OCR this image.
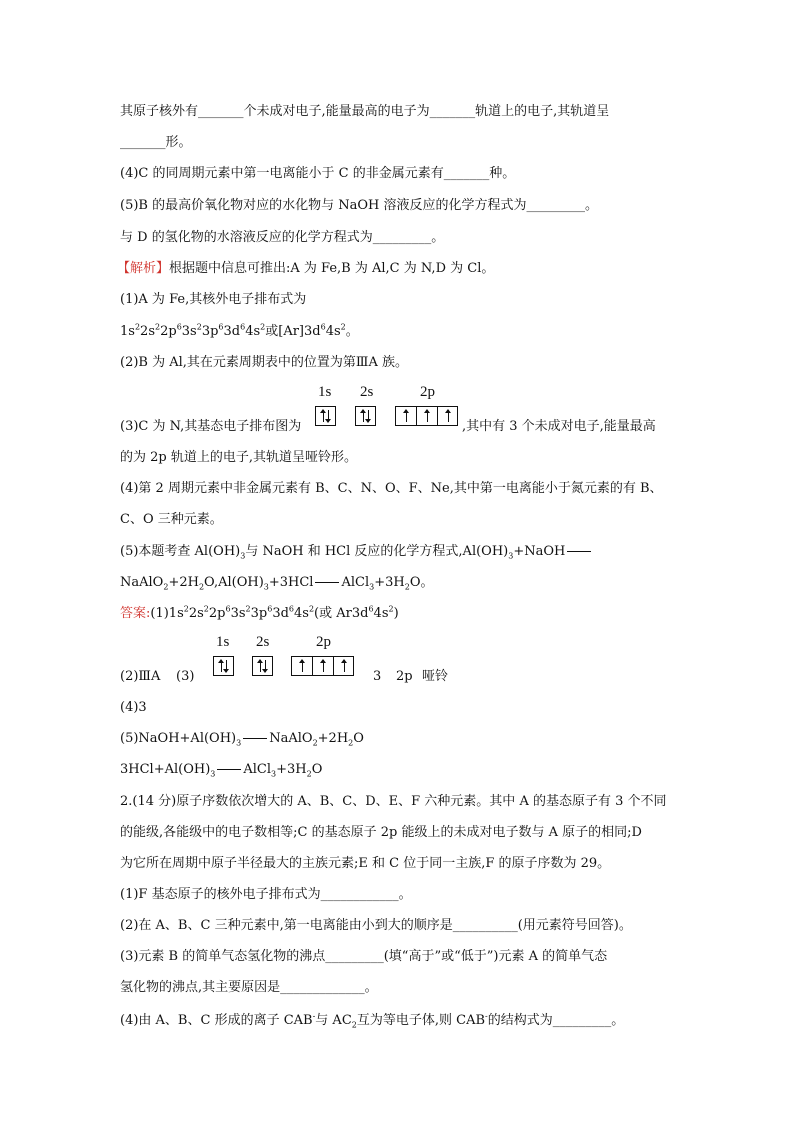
其原子核外有_______个未成对电子,能量最高的电子为_______轨道上的电子,其轨道呈
_______形。
(4)C 的同周期元素中第一电离能小于 C 的非金属元素有_______种。
(5)B 的最高价氧化物对应的水化物与 NaOH 溶液反应的化学方程式为_________。
与 D 的氢化物的水溶液反应的化学方程式为_________。
【解析】根据题中信息可推出:A 为 Fe,B 为 Al,C 为 N,D 为 Cl。
(1)A 为 Fe,其核外电子排布式为
$1s^22s^22p^63s^23p^63d^64s^2$或$[Ar]3d^64s^2$。
(2)B 为 Al,其在元素周期表中的位置为第ⅢA 族。
1s 2s	2p
(3)C 为 N,其基态电子排布图为	,其中有 3 个未成对电子,能量最高
的为 2p 轨道上的电子,其轨道呈哑铃形。
(4)第 2 周期元素中非金属元素有 B、C、N、O、F、Ne,其中第一电离能小于氮元素的有 B、
C、O 三种元素。
(5)本题考查 $Al(OH)_3$与 NaOH 和 HCl 反应的化学方程式$,Al(OH)_3+NaOH$
$NaAlO_2+2H_2O,Al(OH)_3+3HCl$ $AlCl_3+3H_2O$。
答案$:(1)1s^22s^22p^63s^23p^63d^64s^2$(或 $Ar3d^64s^2$)
1s 2s	2p
(2)ⅢA (3)	3 2p 哑铃
(4)3
$(5)NaOH+Al(OH)_3$ $NaAlO_2+2H_2O$
$3HCl+Al(OH)_3$ $AlCl_3+3H_2O$
2.(14 分)原子序数依次增大的 A、B、C、D、E、F 六种元素。其中 A 的基态原子有 3 个不同
的能级,各能级中的电子数相等;C 的基态原子 2p 能级上的未成对电子数与 A 原子的相同;D
为它所在周期中原子半径最大的主族元素;E 和 C 位于同一主族,F 的原子序数为 29。
(1)F 基态原子的核外电子排布式为____________。
(2)在 A、B、C 三种元素中,第一电离能由小到大的顺序是__________(用元素符号回答)。
(3)元素 B 的简单气态氢化物的沸点_________(填“高于”或“低于”)元素 A 的简单气态
氢化物的沸点,其主要原因是_____________。
(4)由 A、B、C 形成的离子 CAB-与 $AC_2$互为等电子体,则 CAB-的结构式为_________。
